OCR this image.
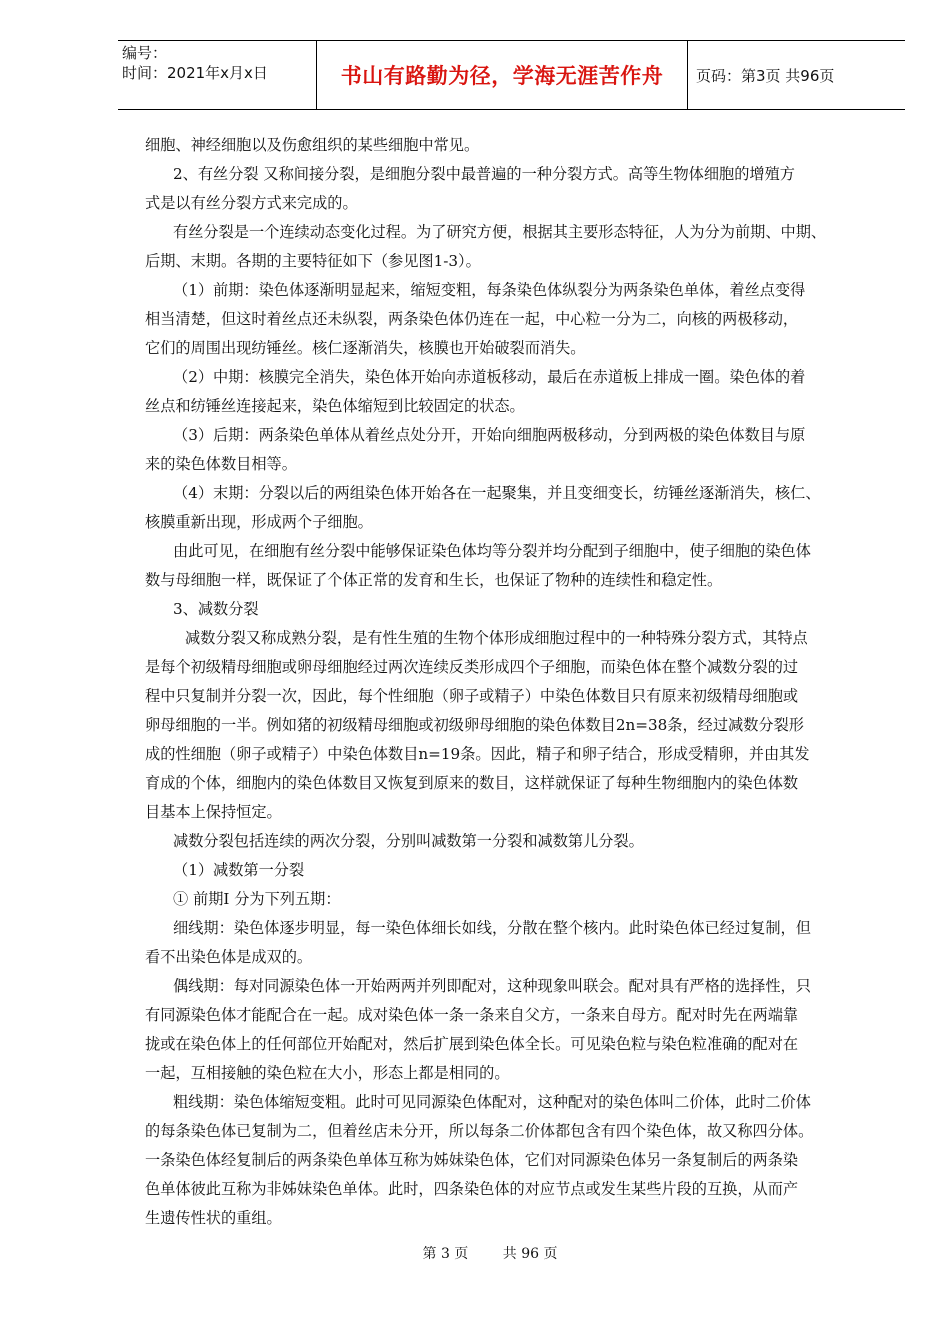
编号：
时间：2021年x月x日	书山有路勤为径，学海无涯苦作舟	页码：第3页 共96页

细胞、神经细胞以及伤愈组织的某些细胞中常见。

2、有丝分裂 又称间接分裂，是细胞分裂中最普遍的一种分裂方式。高等生物体细胞的增殖方

式是以有丝分裂方式来完成的。

有丝分裂是一个连续动态变化过程。为了研究方便，根据其主要形态特征，人为分为前期、中期、

后期、末期。各期的主要特征如下（参见图1-3）。

（1）前期：染色体逐渐明显起来，缩短变粗，每条染色体纵裂分为两条染色单体，着丝点变得

相当清楚，但这时着丝点还未纵裂，两条染色体仍连在一起，中心粒一分为二，向核的两极移动，

它们的周围出现纺锤丝。核仁逐渐消失，核膜也开始破裂而消失。

（2）中期：核膜完全消失，染色体开始向赤道板移动，最后在赤道板上排成一圈。染色体的着

丝点和纺锤丝连接起来，染色体缩短到比较固定的状态。

（3）后期：两条染色单体从着丝点处分开，开始向细胞两极移动，分到两极的染色体数目与原

来的染色体数目相等。

（4）末期：分裂以后的两组染色体开始各在一起聚集，并且变细变长，纺锤丝逐渐消失，核仁、

核膜重新出现，形成两个子细胞。

由此可见，在细胞有丝分裂中能够保证染色体均等分裂并均分配到子细胞中，使子细胞的染色体

数与母细胞一样，既保证了个体正常的发育和生长，也保证了物种的连续性和稳定性。

3、减数分裂

减数分裂又称成熟分裂，是有性生殖的生物个体形成细胞过程中的一种特殊分裂方式，其特点

是每个初级精母细胞或卵母细胞经过两次连续反类形成四个子细胞，而染色体在整个减数分裂的过

程中只复制并分裂一次，因此，每个性细胞（卵子或精子）中染色体数目只有原来初级精母细胞或

卵母细胞的一半。例如猪的初级精母细胞或初级卵母细胞的染色体数目2n=38条，经过减数分裂形

成的性细胞（卵子或精子）中染色体数目n=19条。因此，精子和卵子结合，形成受精卵，并由其发

育成的个体，细胞内的染色体数目又恢复到原来的数目，这样就保证了每种生物细胞内的染色体数

目基本上保持恒定。

减数分裂包括连续的两次分裂，分别叫减数第一分裂和减数第儿分裂。

（1）减数第一分裂

① 前期Ⅰ 分为下列五期：

细线期：染色体逐步明显，每一染色体细长如线，分散在整个核内。此时染色体已经过复制，但

看不出染色体是成双的。

偶线期：每对同源染色体一开始两两并列即配对，这种现象叫联会。配对具有严格的选择性，只

有同源染色体才能配合在一起。成对染色体一条一条来自父方，一条来自母方。配对时先在两端靠

拢或在染色体上的任何部位开始配对，然后扩展到染色体全长。可见染色粒与染色粒准确的配对在

一起，互相接触的染色粒在大小，形态上都是相同的。

粗线期：染色体缩短变粗。此时可见同源染色体配对，这种配对的染色体叫二价体，此时二价体

的每条染色体已复制为二，但着丝店未分开，所以每条二价体都包含有四个染色体，故又称四分体。

一条染色体经复制后的两条染色单体互称为姊妹染色体，它们对同源染色体另一条复制后的两条染

色单体彼此互称为非姊妹染色单体。此时，四条染色体的对应节点或发生某些片段的互换，从而产

生遗传性状的重组。

第 3 页 共 96 页
